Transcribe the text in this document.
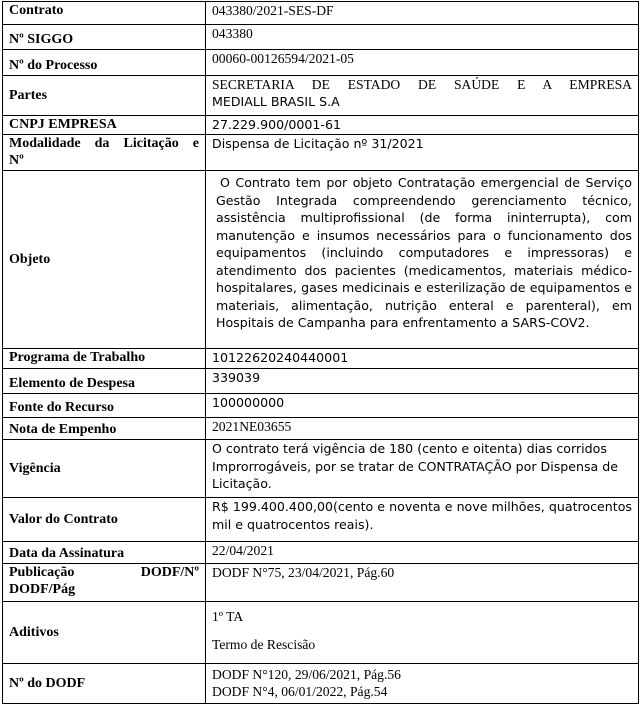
Contrato	043380/2021-SES-DF
Nº SIGGO	043380
Nº do Processo	00060-00126594/2021-05
Partes	SECRETARIA DE ESTADO DE SAÚDE E A EMPRESA
MEDIALL BRASIL S.A

CNPJ EMPRESA	27.229.900/0001-61

Modalidade da Licitação e
Nº	Dispensa de Licitação nº 31/2021
Objeto	O Contrato tem por objeto Contratação emergencial de Serviço Gestão Integrada compreendendo gerenciamento técnico, assistência multiprofissional (de forma ininterrupta), com manutenção e insumos necessários para o funcionamento dos equipamentos (incluindo computadores e impressoras) e atendimento dos pacientes (medicamentos, materiais médico-hospitalares, gases medicinais e esterilização de equipamentos e materiais, alimentação, nutrição enteral e parenteral), em Hospitais de Campanha para enfrentamento a SARS-COV2.

Programa de Trabalho	10122620240440001
Elemento de Despesa	339039
Fonte do Recurso	100000000
Nota de Empenho	2021NE03655
Vigência	O contrato terá vigência de 180 (cento e oitenta) dias corridos Improrrogáveis, por se tratar de CONTRATAÇÃO por Dispensa de Licitação.
Valor do Contrato	R$ 199.400.400,00(cento e noventa e nove milhões, quatrocentos mil e quatrocentos reais).
Data da Assinatura	22/04/2021

Publicação DODF/Nº
DODF/Pág	DODF N°75, 23/04/2021, Pág.60
Aditivos	1º TA
Termo de Rescisão

Nº do DODF	DODF N°120, 29/06/2021, Pág.56
DODF N°4, 06/01/2022, Pág.54
